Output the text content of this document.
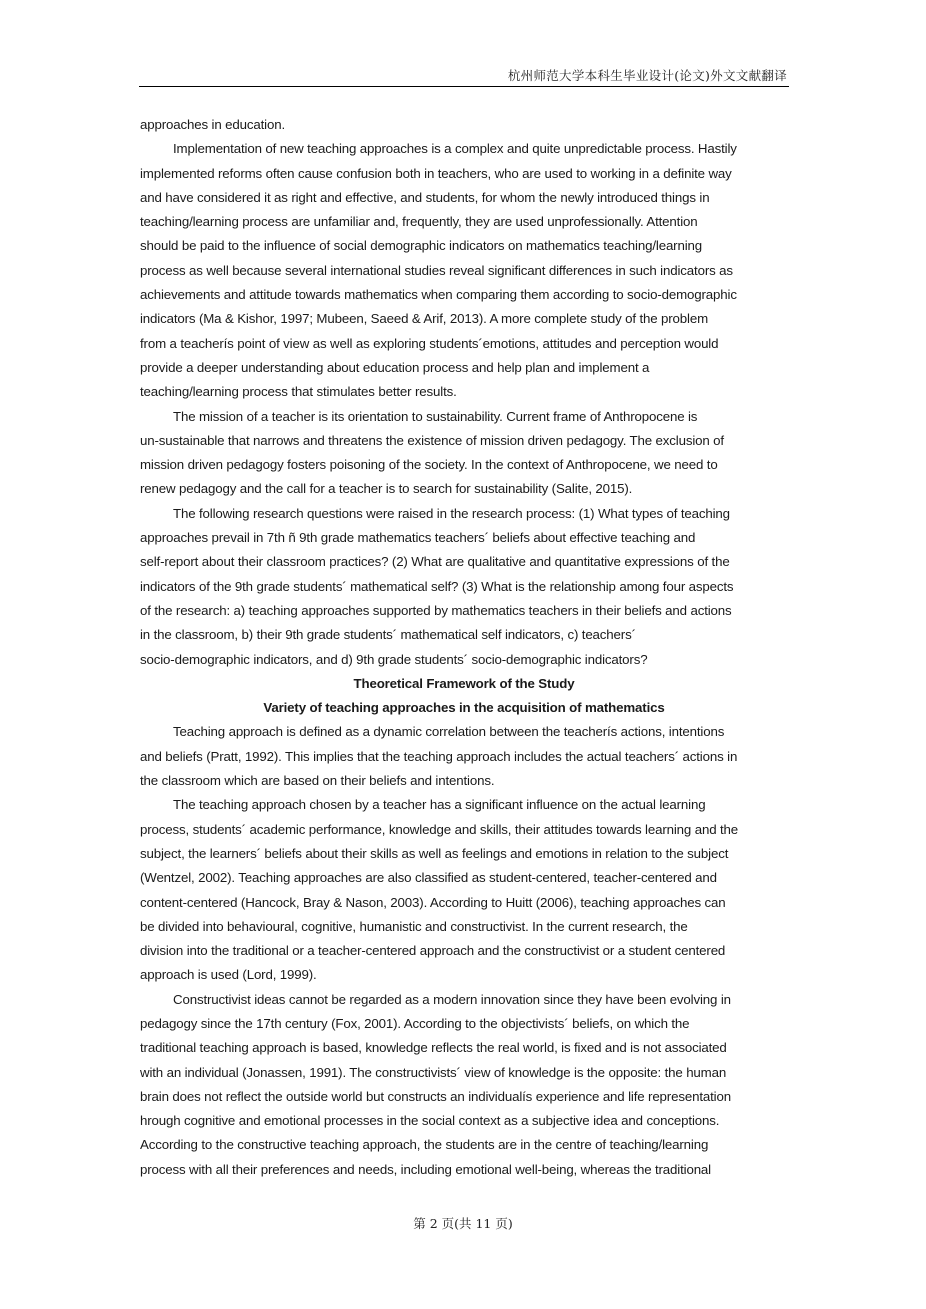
杭州师范大学本科生毕业设计(论文)外文文献翻译
approaches in education.
Implementation of new teaching approaches is a complex and quite unpredictable process. Hastily
implemented reforms often cause confusion both in teachers, who are used to working in a definite way
and have considered it as right and effective, and students, for whom the newly introduced things in
teaching/learning process are unfamiliar and, frequently, they are used unprofessionally. Attention
should be paid to the influence of social demographic indicators on mathematics teaching/learning
process as well because several international studies reveal significant differences in such indicators as
achievements and attitude towards mathematics when comparing them according to socio-demographic
indicators (Ma & Kishor, 1997; Mubeen, Saeed & Arif, 2013). A more complete study of the problem
from a teacherís point of view as well as exploring students´emotions, attitudes and perception would
provide a deeper understanding about education process and help plan and implement a
teaching/learning process that stimulates better results.
The mission of a teacher is its orientation to sustainability. Current frame of Anthropocene is
un-sustainable that narrows and threatens the existence of mission driven pedagogy. The exclusion of
mission driven pedagogy fosters poisoning of the society. In the context of Anthropocene, we need to
renew pedagogy and the call for a teacher is to search for sustainability (Salite, 2015).
The following research questions were raised in the research process: (1) What types of teaching
approaches prevail in 7th ñ 9th grade mathematics teachers´ beliefs about effective teaching and
self-report about their classroom practices? (2) What are qualitative and quantitative expressions of the
indicators of the 9th grade students´ mathematical self? (3) What is the relationship among four aspects
of the research: a) teaching approaches supported by mathematics teachers in their beliefs and actions
in the classroom, b) their 9th grade students´ mathematical self indicators, c) teachers´
socio-demographic indicators, and d) 9th grade students´ socio-demographic indicators?
Theoretical Framework of the Study
Variety of teaching approaches in the acquisition of mathematics
Teaching approach is defined as a dynamic correlation between the teacherís actions, intentions
and beliefs (Pratt, 1992). This implies that the teaching approach includes the actual teachers´ actions in
the classroom which are based on their beliefs and intentions.
The teaching approach chosen by a teacher has a significant influence on the actual learning
process, students´ academic performance, knowledge and skills, their attitudes towards learning and the
subject, the learners´ beliefs about their skills as well as feelings and emotions in relation to the subject
(Wentzel, 2002). Teaching approaches are also classified as student-centered, teacher-centered and
content-centered (Hancock, Bray & Nason, 2003). According to Huitt (2006), teaching approaches can
be divided into behavioural, cognitive, humanistic and constructivist. In the current research, the
division into the traditional or a teacher-centered approach and the constructivist or a student centered
approach is used (Lord, 1999).
Constructivist ideas cannot be regarded as a modern innovation since they have been evolving in
pedagogy since the 17th century (Fox, 2001). According to the objectivists´ beliefs, on which the
traditional teaching approach is based, knowledge reflects the real world, is fixed and is not associated
with an individual (Jonassen, 1991). The constructivists´ view of knowledge is the opposite: the human
brain does not reflect the outside world but constructs an individualís experience and life representation
hrough cognitive and emotional processes in the social context as a subjective idea and conceptions.
According to the constructive teaching approach, the students are in the centre of teaching/learning
process with all their preferences and needs, including emotional well-being, whereas the traditional
第 2 页(共 11 页)
